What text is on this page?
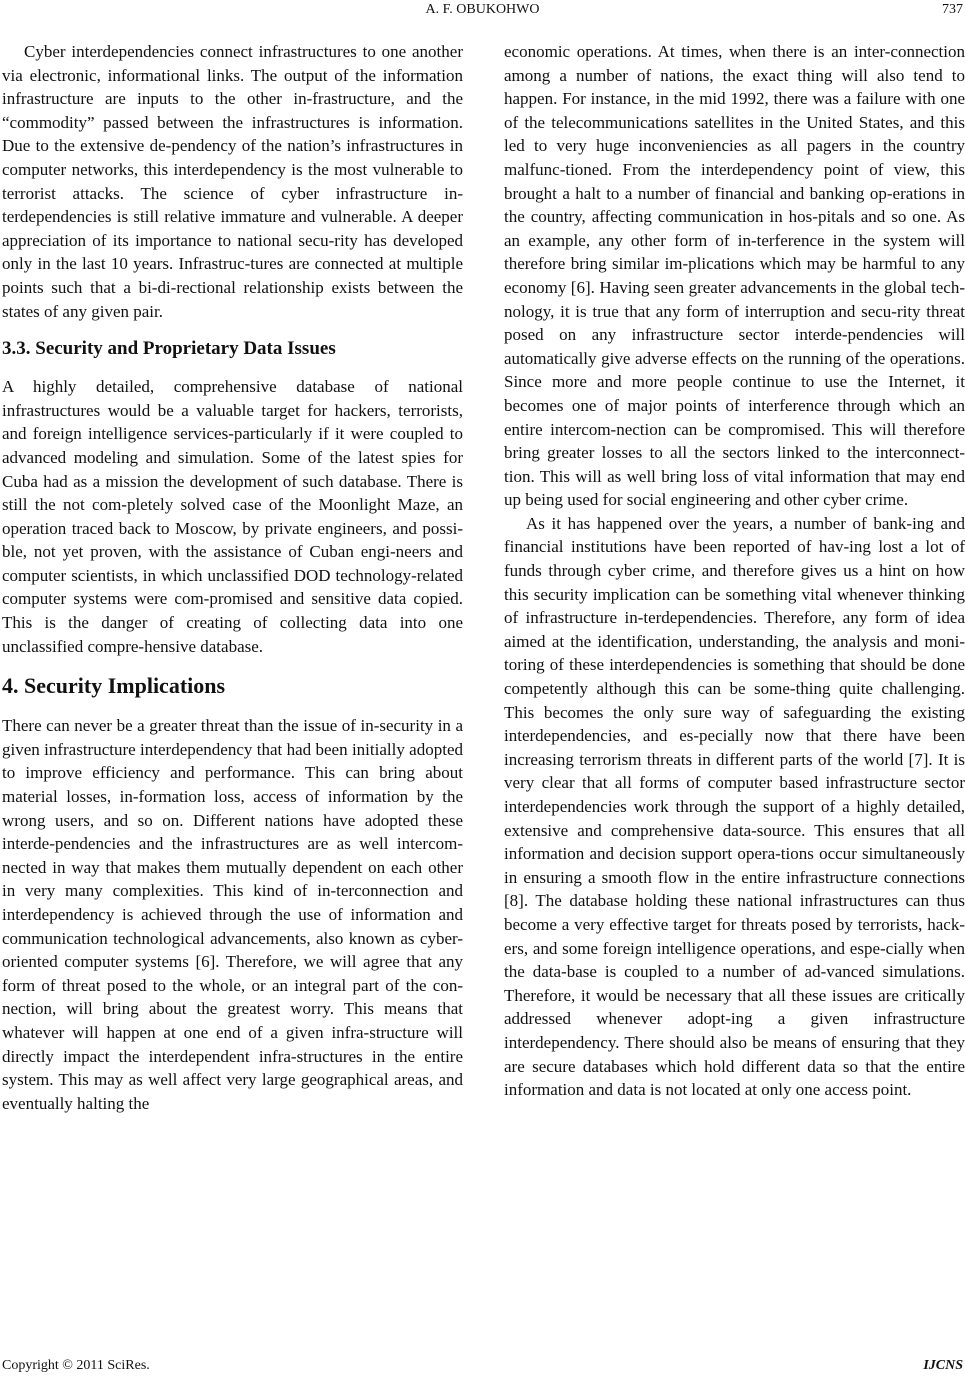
A. F. OBUKOHWO	737

Cyber interdependencies connect infrastructures to one another via electronic, informational links. The output of the information infrastructure are inputs to the other in-frastructure, and the “commodity” passed between the infrastructures is information. Due to the extensive de-pendency of the nation’s infrastructures in computer networks, this interdependency is the most vulnerable to terrorist attacks. The science of cyber infrastructure in-terdependencies is still relative immature and vulnerable. A deeper appreciation of its importance to national secu-rity has developed only in the last 10 years. Infrastruc-tures are connected at multiple points such that a bi-di-rectional relationship exists between the states of any given pair.

3.3. Security and Proprietary Data Issues

A highly detailed, comprehensive database of national infrastructures would be a valuable target for hackers, terrorists, and foreign intelligence services-particularly if it were coupled to advanced modeling and simulation. Some of the latest spies for Cuba had as a mission the development of such database. There is still the not com-pletely solved case of the Moonlight Maze, an operation traced back to Moscow, by private engineers, and possi-ble, not yet proven, with the assistance of Cuban engi-neers and computer scientists, in which unclassified DOD technology-related computer systems were com-promised and sensitive data copied. This is the danger of creating of collecting data into one unclassified compre-hensive database.

4. Security Implications

There can never be a greater threat than the issue of in-security in a given infrastructure interdependency that had been initially adopted to improve efficiency and performance. This can bring about material losses, in-formation loss, access of information by the wrong users, and so on. Different nations have adopted these interde-pendencies and the infrastructures are as well intercom-nected in way that makes them mutually dependent on each other in very many complexities. This kind of in-terconnection and interdependency is achieved through the use of information and communication technological advancements, also known as cyber-oriented computer systems [6]. Therefore, we will agree that any form of threat posed to the whole, or an integral part of the con-nection, will bring about the greatest worry. This means that whatever will happen at one end of a given infra-structure will directly impact the interdependent infra-structures in the entire system. This may as well affect very large geographical areas, and eventually halting the

economic operations. At times, when there is an inter-connection among a number of nations, the exact thing will also tend to happen. For instance, in the mid 1992, there was a failure with one of the telecommunications satellites in the United States, and this led to very huge inconveniencies as all pagers in the country malfunc-tioned. From the interdependency point of view, this brought a halt to a number of financial and banking op-erations in the country, affecting communication in hos-pitals and so one. As an example, any other form of in-terference in the system will therefore bring similar im-plications which may be harmful to any economy [6]. Having seen greater advancements in the global tech-nology, it is true that any form of interruption and secu-rity threat posed on any infrastructure sector interde-pendencies will automatically give adverse effects on the running of the operations. Since more and more people continue to use the Internet, it becomes one of major points of interference through which an entire intercom-nection can be compromised. This will therefore bring greater losses to all the sectors linked to the interconnect-tion. This will as well bring loss of vital information that may end up being used for social engineering and other cyber crime.

As it has happened over the years, a number of bank-ing and financial institutions have been reported of hav-ing lost a lot of funds through cyber crime, and therefore gives us a hint on how this security implication can be something vital whenever thinking of infrastructure in-terdependencies. Therefore, any form of idea aimed at the identification, understanding, the analysis and moni-toring of these interdependencies is something that should be done competently although this can be some-thing quite challenging. This becomes the only sure way of safeguarding the existing interdependencies, and es-pecially now that there have been increasing terrorism threats in different parts of the world [7]. It is very clear that all forms of computer based infrastructure sector interdependencies work through the support of a highly detailed, extensive and comprehensive data-source. This ensures that all information and decision support opera-tions occur simultaneously in ensuring a smooth flow in the entire infrastructure connections [8]. The database holding these national infrastructures can thus become a very effective target for threats posed by terrorists, hack-ers, and some foreign intelligence operations, and espe-cially when the data-base is coupled to a number of ad-vanced simulations. Therefore, it would be necessary that all these issues are critically addressed whenever adopt-ing a given infrastructure interdependency. There should also be means of ensuring that they are secure databases which hold different data so that the entire information and data is not located at only one access point.

Copyright © 2011 SciRes.	IJCNS
